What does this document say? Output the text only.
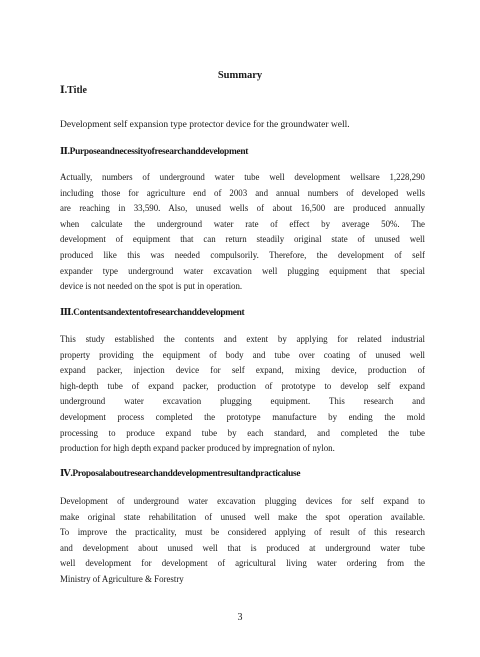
Summary
Ⅰ.Title
Development self expansion type protector device for the groundwater well.
Ⅱ.Purposeandnecessityofresearchanddevelopment
Actually, numbers of underground water tube well development wellsare 1,228,290
including those for agriculture end of 2003 and annual numbers of developed wells
are reaching in 33,590. Also, unused wells of about 16,500 are produced annually
when calculate the underground water rate of effect by average 50%. The
development of equipment that can return steadily original state of unused well
produced like this was needed compulsorily. Therefore, the development of self
expander type underground water excavation well plugging equipment that special
device is not needed on the spot is put in operation.
Ⅲ.Contentsandextentofresearchanddevelopment
This study established the contents and extent by applying for related industrial
property providing the equipment of body and tube over coating of unused well
expand packer, injection device for self expand, mixing device, production of
high-depth tube of expand packer, production of prototype to develop self expand
underground water excavation plugging equipment. This research and
development process completed the prototype manufacture by ending the mold
processing to produce expand tube by each standard, and completed the tube
production for high depth expand packer produced by impregnation of nylon.
Ⅳ.Proposalaboutresearchanddevelopmentresultandpracticaluse
Development of underground water excavation plugging devices for self expand to
make original state rehabilitation of unused well make the spot operation available.
To improve the practicality, must be considered applying of result of this research
and development about unused well that is produced at underground water tube
well development for development of agricultural living water ordering from the
Ministry of Agriculture & Forestry
3
